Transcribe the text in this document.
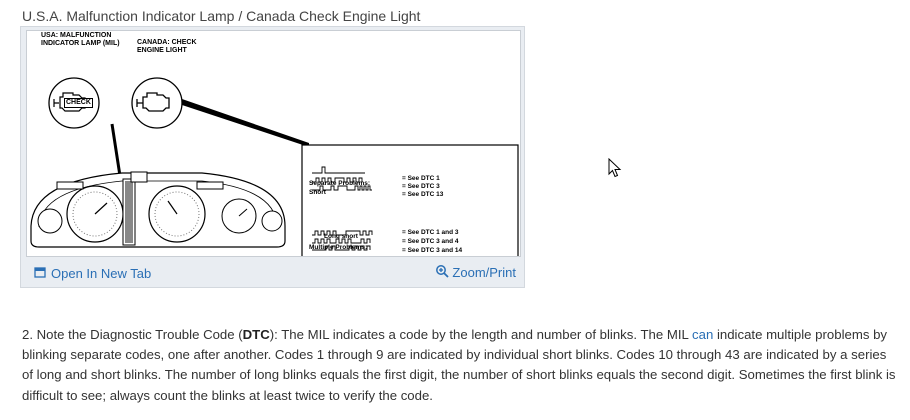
U.S.A. Malfunction Indicator Lamp / Canada Check Engine Light
USA: MALFUNCTION INDICATOR LAMP (MIL) CANADA: CHECK ENGINE LIGHT
CHECK
Separate Problems:
Short
= See DTC 1
= See DTC 3
= See DTC 13
Long short
Multiple Problems:
= See DTC 1 and 3
= See DTC 3 and 4
= See DTC 3 and 14
Open In New Tab	Zoom/Print
2. Note the Diagnostic Trouble Code (DTC): The MIL indicates a code by the length and number of blinks. The MIL can indicate multiple problems by blinking separate codes, one after another. Codes 1 through 9 are indicated by individual short blinks. Codes 10 through 43 are indicated by a series of long and short blinks. The number of long blinks equals the first digit, the number of short blinks equals the second digit. Sometimes the first blink is difficult to see; always count the blinks at least twice to verify the code.
